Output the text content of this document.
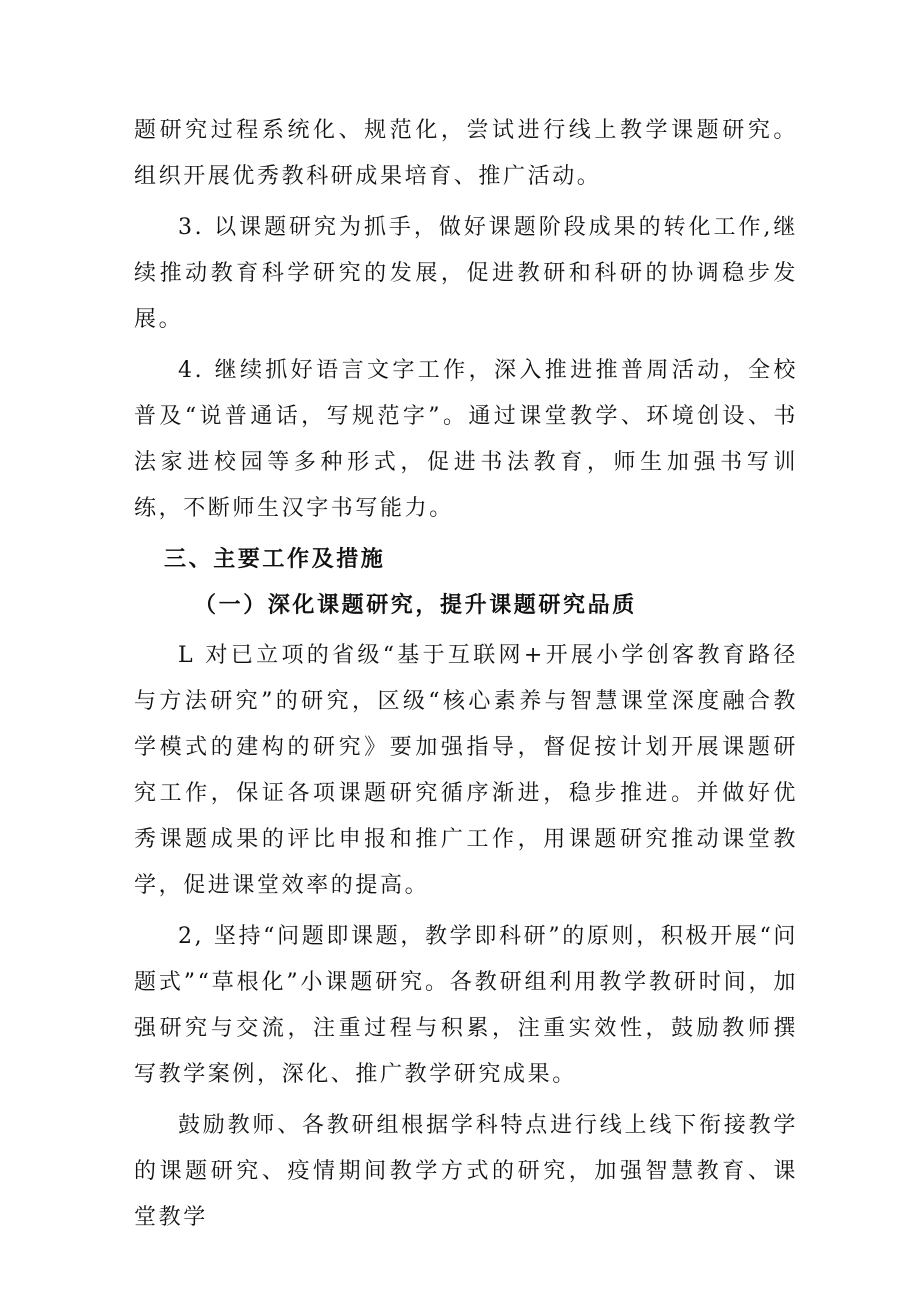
题研究过程系统化、规范化，尝试进行线上教学课题研究。组织开展优秀教科研成果培育、推广活动。

3. 以课题研究为抓手，做好课题阶段成果的转化工作,继续推动教育科学研究的发展，促进教研和科研的协调稳步发展。

4. 继续抓好语言文字工作，深入推进推普周活动，全校普及“说普通话，写规范字”。通过课堂教学、环境创设、书法家进校园等多种形式，促进书法教育，师生加强书写训练，不断师生汉字书写能力。

三、主要工作及措施
（一）深化课题研究，提升课题研究品质

L 对已立项的省级“基于互联网+开展小学创客教育路径与方法研究”的研究，区级“核心素养与智慧课堂深度融合教学模式的建构的研究》要加强指导，督促按计划开展课题研究工作，保证各项课题研究循序渐进，稳步推进。并做好优秀课题成果的评比申报和推广工作，用课题研究推动课堂教学，促进课堂效率的提高。

2, 坚持“问题即课题，教学即科研”的原则，积极开展“问题式”“草根化”小课题研究。各教研组利用教学教研时间，加强研究与交流，注重过程与积累，注重实效性，鼓励教师撰写教学案例，深化、推广教学研究成果。

鼓励教师、各教研组根据学科特点进行线上线下衔接教学的课题研究、疫情期间教学方式的研究，加强智慧教育、课堂教学
